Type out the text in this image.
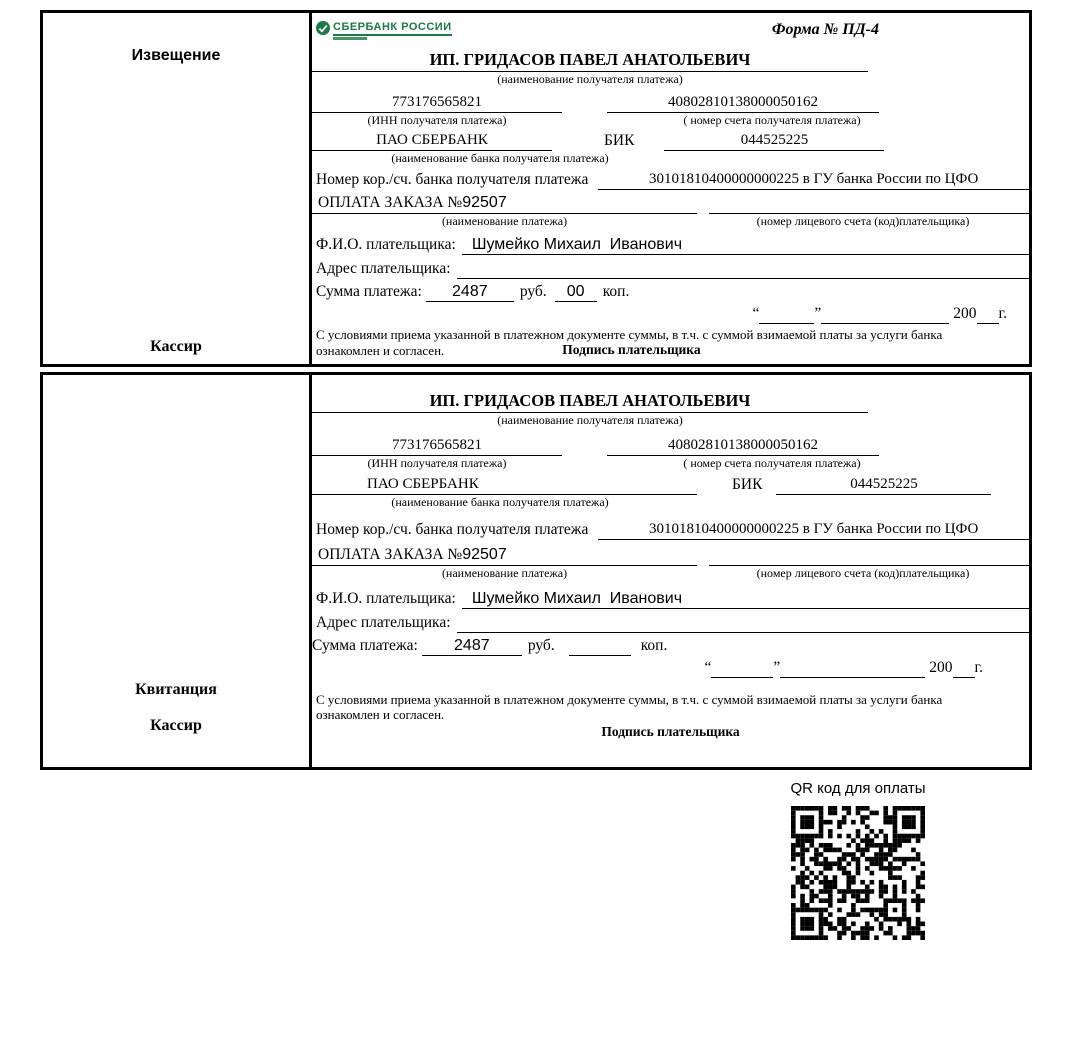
Извещение
Кассир
СБЕРБАНК РОССИИ	Форма № ПД-4
ИП. ГРИДАСОВ ПАВЕЛ АНАТОЛЬЕВИЧ
(наименование получателя платежа)
773176565821	40802810138000050162
(ИНН получателя платежа)	( номер счета получателя платежа)
ПАО СБЕРБАНК	БИК	044525225
(наименование банка получателя платежа)
Номер кор./сч. банка получателя платежа	30101810400000000225 в ГУ банка России по ЦФО
ОПЛАТА ЗАКАЗА №92507
(наименование платежа)	(номер лицевого счета (код)плательщика)
Ф.И.О. плательщика:	Шумейко Михаил  Иванович
Адрес плательщика:
Сумма платежа:	2487	руб.	00	коп.
“	”	200 г.
С условиями приема указанной в платежном документе суммы, в т.ч. с суммой взимаемой платы за услуги банка
ознакомлен и согласен.	Подпись плательщика
Квитанция
Кассир
ИП. ГРИДАСОВ ПАВЕЛ АНАТОЛЬЕВИЧ
(наименование получателя платежа)
773176565821	40802810138000050162
(ИНН получателя платежа)	( номер счета получателя платежа)
ПАО СБЕРБАНК	БИК	044525225
(наименование банка получателя платежа)
Номер кор./сч. банка получателя платежа	30101810400000000225 в ГУ банка России по ЦФО
ОПЛАТА ЗАКАЗА №92507
(наименование платежа)	(номер лицевого счета (код)плательщика)
Ф.И.О. плательщика:	Шумейко Михаил  Иванович
Адрес плательщика:
Сумма платежа:	2487	руб.	коп.
“	”	200 г.
С условиями приема указанной в платежном документе суммы, в т.ч. с суммой взимаемой платы за услуги банка
ознакомлен и согласен.
Подпись плательщика
QR код для оплаты
